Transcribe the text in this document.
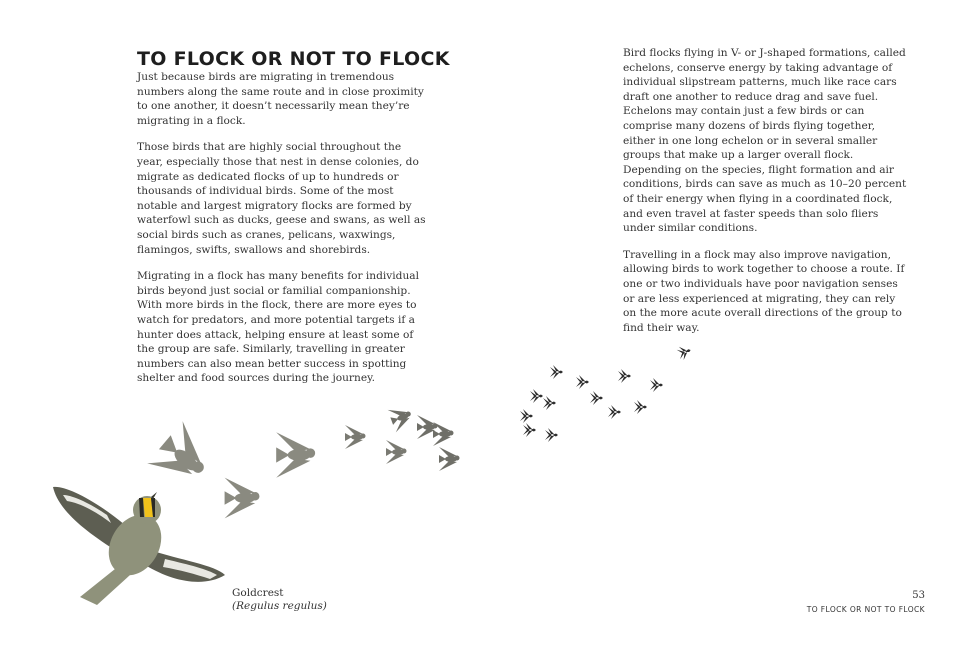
TO FLOCK OR NOT TO FLOCK

Just because birds are migrating in tremendous numbers along the same route and in close proximity to one another, it doesn’t necessarily mean they’re migrating in a flock.

Those birds that are highly social throughout the year, especially those that nest in dense colonies, do migrate as dedicated flocks of up to hundreds or thousands of individual birds. Some of the most notable and largest migratory flocks are formed by waterfowl such as ducks, geese and swans, as well as social birds such as cranes, pelicans, waxwings, flamingos, swifts, swallows and shorebirds.

Migrating in a flock has many benefits for individual birds beyond just social or familial companionship. With more birds in the flock, there are more eyes to watch for predators, and more potential targets if a hunter does attack, helping ensure at least some of the group are safe. Similarly, travelling in greater numbers can also mean better success in spotting shelter and food sources during the journey.

Bird flocks flying in V- or J-shaped formations, called echelons, conserve energy by taking advantage of individual slipstream patterns, much like race cars draft one another to reduce drag and save fuel. Echelons may contain just a few birds or can comprise many dozens of birds flying together, either in one long echelon or in several smaller groups that make up a larger overall flock. Depending on the species, flight formation and air conditions, birds can save as much as 10–20 percent of their energy when flying in a coordinated flock, and even travel at faster speeds than solo fliers under similar conditions.

Travelling in a flock may also improve navigation, allowing birds to work together to choose a route. If one or two individuals have poor navigation senses or are less experienced at migrating, they can rely on the more acute overall directions of the group to find their way.

Goldcrest
(Regulus regulus)
53
TO FLOCK OR NOT TO FLOCK
